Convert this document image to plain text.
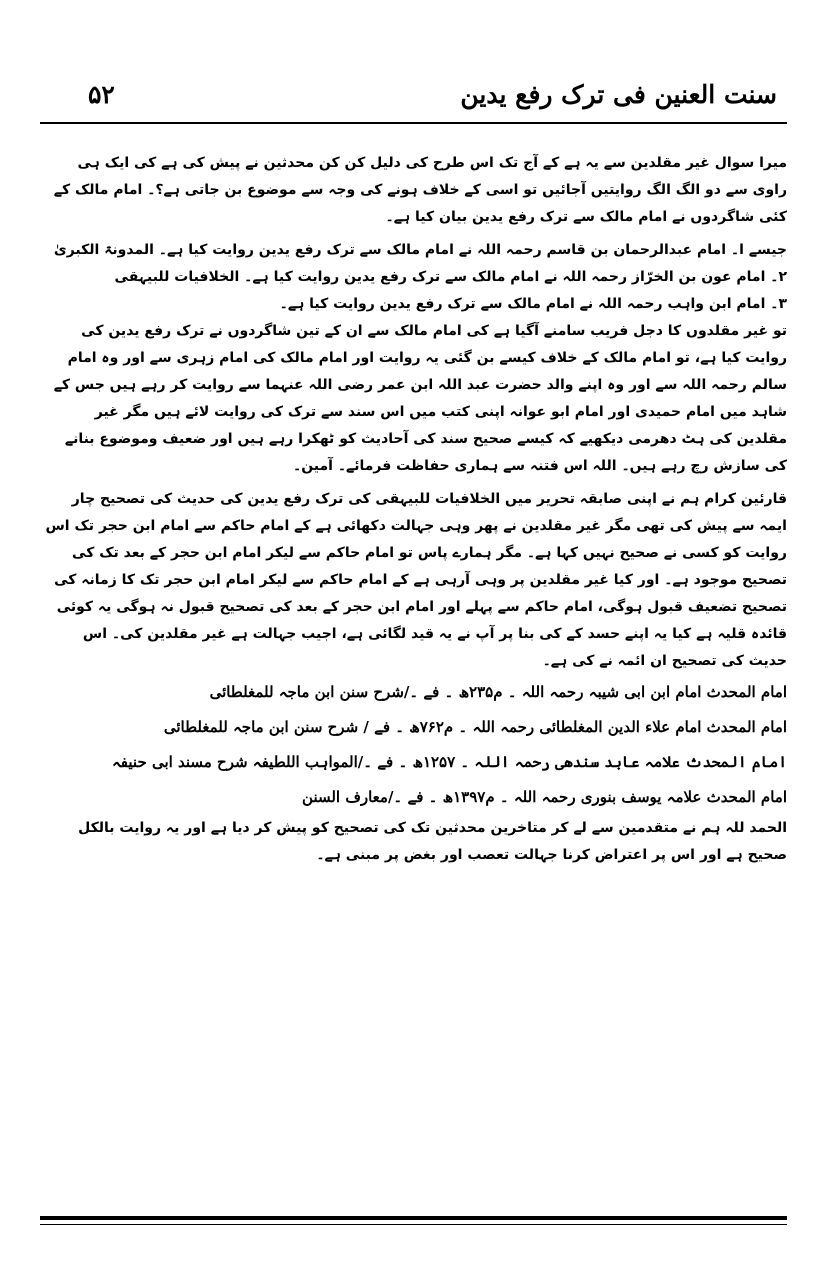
سنت العنین فی ترک رفع یدین
۵۲

میرا سوال غیر مقلدین سے یہ ہے کے آج تک اس طرح کی دلیل کن کن محدثین نے پیش کی ہے کی ایک ہی راوی سے دو الگ الگ روایتیں آجائیں تو اسی کے خلاف ہونے کی وجہ سے موضوع بن جاتی ہے؟۔ امام مالک کے کئی شاگردوں نے امام مالک سے ترک رفع یدین بیان کیا ہے۔

جیسے ا۔ امام عبدالرحمان بن قاسم رحمہ اللہ نے امام مالک سے ترک رفع یدین روایت کیا ہے۔ المدونۃ الکبریٰ

۲۔ امام عون بن الخرّاز رحمہ اللہ نے امام مالک سے ترک رفع یدین روایت کیا ہے۔ الخلافیات للبیہقی

۳۔ امام ابن واہب رحمہ اللہ نے امام مالک سے ترک رفع یدین روایت کیا ہے۔

تو غیر مقلدوں کا دجل فریب سامنے آگیا ہے کی امام مالک سے ان کے تین شاگردوں نے ترک رفع یدین کی روایت کیا ہے، تو امام مالک کے خلاف کیسے بن گئی یہ روایت اور امام مالک کی امام زہری سے اور وہ امام سالم رحمہ اللہ سے اور وہ اپنے والد حضرت عبد اللہ ابن عمر رضی اللہ عنہما سے روایت کر رہے ہیں جس کے شاہد میں امام حمیدی اور امام ابو عوانہ اپنی کتب میں اس سند سے ترک کی روایت لائے ہیں مگر غیر مقلدین کی ہٹ دھرمی دیکھیے کہ کیسے صحیح سند کی آحادیث کو ٹھکرا رہے ہیں اور ضعیف وموضوع بنانے کی سازش رچ رہے ہیں۔ اللہ اس فتنہ سے ہماری حفاظت فرمائے۔ آمین۔

قارئین کرام ہم نے اپنی صابقہ تحریر میں الخلافیات للبیہقی کی ترک رفع یدین کی حدیث کی تصحیح چار ایمہ سے پیش کی تھی مگر غیر مقلدین نے پھر وہی جہالت دکھائی ہے کے امام حاکم سے امام ابن حجر تک اس روایت کو کسی نے صحیح نہیں کہا ہے۔ مگر ہمارے پاس تو امام حاکم سے لیکر امام ابن حجر کے بعد تک کی تصحیح موجود ہے۔ اور کیا غیر مقلدین پر وہی آرہی ہے کے امام حاکم سے لیکر امام ابن حجر تک کا زمانہ کی تصحیح تضعیف قبول ہوگی، امام حاکم سے پہلے اور امام ابن حجر کے بعد کی تصحیح قبول نہ ہوگی یہ کوئی قائدہ قلیہ ہے کیا یہ اپنے حسد کے کی بنا پر آپ نے یہ قید لگائی ہے، اجیب جہالت ہے غیر مقلدین کی۔ اس حدیث کی تصحیح ان ائمہ نے کی ہے۔

امام المحدث امام ابن ابی شیبہ رحمہ اللہ ۔ م۲۳۵ھ ۔ فے ۔/شرح سنن ابن ماجہ للمغلطائی

امام المحدث امام علاء الدین المغلطائی رحمہ اللہ ۔ م۷۶۲ھ ۔ فے / شرح سنن ابن ماجہ للمغلطائی

امام المحدث علامہ عابد سندھی رحمہ اللہ ۔ ۱۲۵۷ھ ۔ فے ۔/المواہب اللطیفہ شرح مسند ابی حنیفہ

امام المحدث علامہ یوسف بنوری رحمہ اللہ ۔ م۱۳۹۷ھ ۔ فے ۔/معارف السنن

الحمد للہ ہم نے متقدمین سے لے کر متاخرین محدثین تک کی تصحیح کو پیش کر دیا ہے اور یہ روایت بالکل صحیح ہے اور اس پر اعتراض کرنا جہالت تعصب اور بغض پر مبنی ہے۔
